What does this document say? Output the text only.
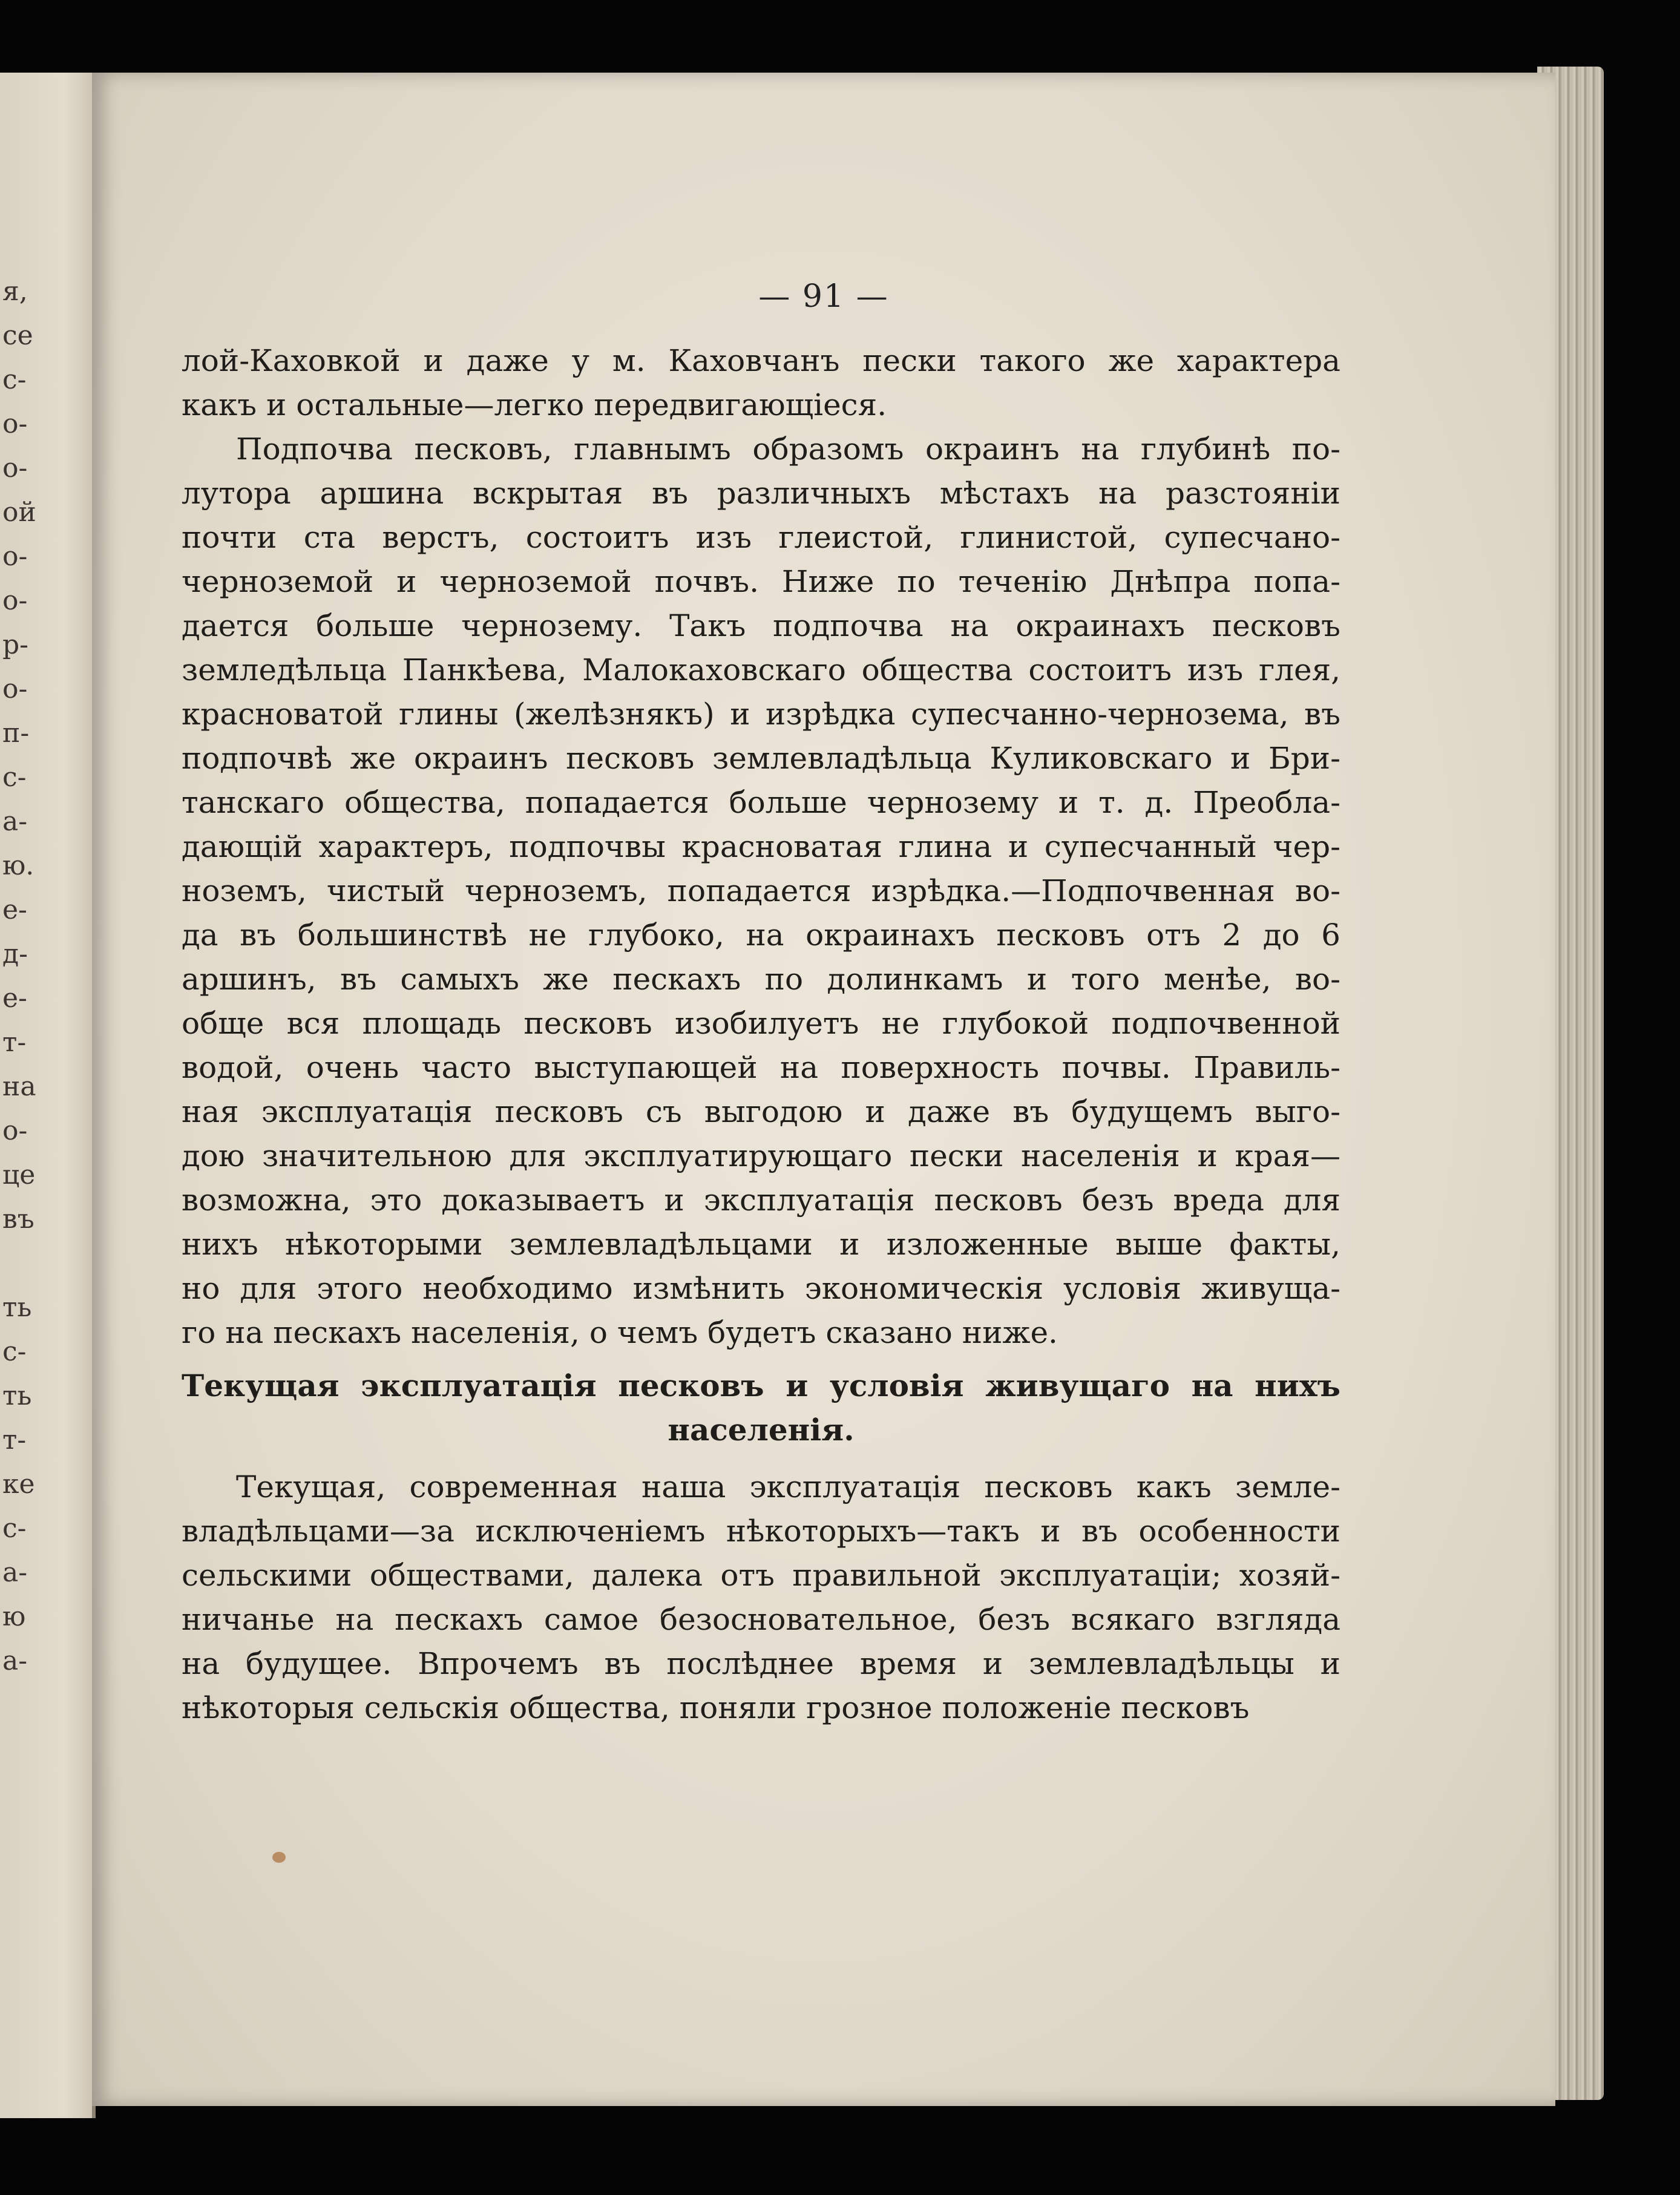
я,
се
с-
о-
о-
ой
о-
о-
р-
о-
п-
с-
а-
ю.
е-
д-
е-
т-
на
о-
це
въ
ть
с-
ть
т-
ке
с-
а-
ю
а-
— 91 —
лой-Каховкой и даже у м. Каховчанъ пески такого же характера
какъ и остальные—легко передвигающіеся.
Подпочва песковъ, главнымъ образомъ окраинъ на глубинѣ по-
лутора аршина вскрытая въ различныхъ мѣстахъ на разстояніи
почти ста верстъ, состоитъ изъ глеистой, глинистой, супесчано-
черноземой и черноземой почвъ. Ниже по теченію Днѣпра попа-
дается больше чернозему. Такъ подпочва на окраинахъ песковъ
земледѣльца Панкѣева, Малокаховскаго общества состоитъ изъ глея,
красноватой глины (желѣзнякъ) и изрѣдка супесчанно-чернозема, въ
подпочвѣ же окраинъ песковъ землевладѣльца Куликовскаго и Бри-
танскаго общества, попадается больше чернозему и т. д. Преобла-
дающій характеръ, подпочвы красноватая глина и супесчанный чер-
ноземъ, чистый черноземъ, попадается изрѣдка.—Подпочвенная во-
да въ большинствѣ не глубоко, на окраинахъ песковъ отъ 2 до 6
аршинъ, въ самыхъ же пескахъ по долинкамъ и того менѣе, во-
обще вся площадь песковъ изобилуетъ не глубокой подпочвенной
водой, очень часто выступающей на поверхность почвы. Правиль-
ная эксплуатація песковъ съ выгодою и даже въ будущемъ выго-
дою значительною для эксплуатирующаго пески населенія и края—
возможна, это доказываетъ и эксплуатація песковъ безъ вреда для
нихъ нѣкоторыми землевладѣльцами и изложенные выше факты,
но для этого необходимо измѣнить экономическія условія живуща-
го на пескахъ населенія, о чемъ будетъ сказано ниже.
Текущая эксплуатація песковъ и условія живущаго на нихъ
населенія.
Текущая, современная наша эксплуатація песковъ какъ земле-
владѣльцами—за исключеніемъ нѣкоторыхъ—такъ и въ особенности
сельскими обществами, далека отъ правильной эксплуатаціи; хозяй-
ничанье на пескахъ самое безосновательное, безъ всякаго взгляда
на будущее. Впрочемъ въ послѣднее время и землевладѣльцы и
нѣкоторыя сельскія общества, поняли грозное положеніе песковъ
